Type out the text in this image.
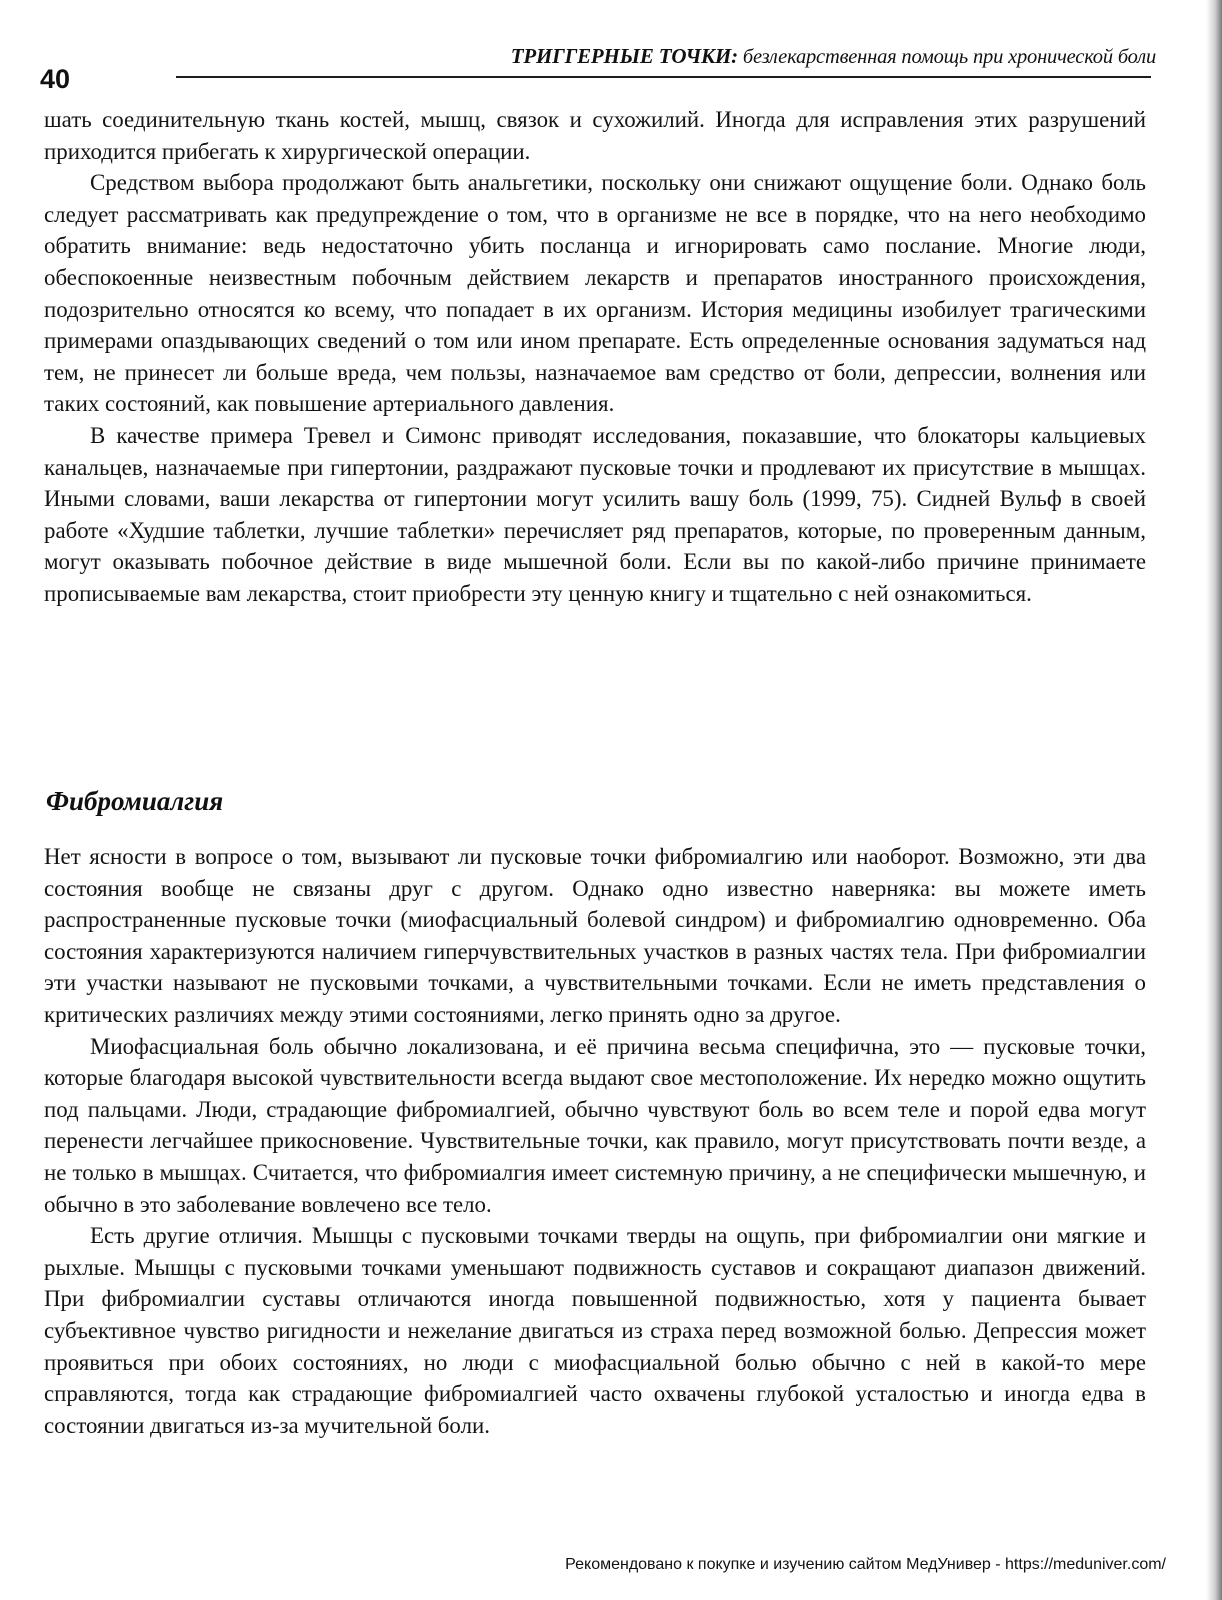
40
ТРИГГЕРНЫЕ ТОЧКИ: безлекарственная помощь при хронической боли

шать соединительную ткань костей, мышц, связок и сухожилий. Иногда для исправления этих разрушений приходится прибегать к хирургической операции.

Средством выбора продолжают быть анальгетики, поскольку они снижают ощущение боли. Однако боль следует рассматривать как предупреждение о том, что в организме не все в порядке, что на него необходимо обратить внимание: ведь недостаточно убить посланца и игнорировать само послание. Многие люди, обеспокоенные неизвестным побочным действием лекарств и препаратов иностранного происхождения, подозрительно относятся ко всему, что попадает в их организм. История медицины изобилует трагическими примерами опаздывающих сведений о том или ином препарате. Есть определенные основания задуматься над тем, не принесет ли больше вреда, чем пользы, назначаемое вам средство от боли, депрессии, волнения или таких состояний, как повышение артериального давления.

В качестве примера Тревел и Симонс приводят исследования, показавшие, что блокаторы кальциевых канальцев, назначаемые при гипертонии, раздражают пусковые точки и продлевают их присутствие в мышцах. Иными словами, ваши лекарства от гипертонии могут усилить вашу боль (1999, 75). Сидней Вульф в своей работе «Худшие таблетки, лучшие таблетки» перечисляет ряд препаратов, которые, по проверенным данным, могут оказывать побочное действие в виде мышечной боли. Если вы по какой-либо причине принимаете прописываемые вам лекарства, стоит приобрести эту ценную книгу и тщательно с ней ознакомиться.

Фибромиалгия

Нет ясности в вопросе о том, вызывают ли пусковые точки фибромиалгию или наоборот. Возможно, эти два состояния вообще не связаны друг с другом. Однако одно известно наверняка: вы можете иметь распространенные пусковые точки (миофасциальный болевой синдром) и фибромиалгию одновременно. Оба состояния характеризуются наличием гиперчувствительных участков в разных частях тела. При фибромиалгии эти участки называют не пусковыми точками, а чувствительными точками. Если не иметь представления о критических различиях между этими состояниями, легко принять одно за другое.

Миофасциальная боль обычно локализована, и её причина весьма специфична, это — пусковые точки, которые благодаря высокой чувствительности всегда выдают свое местоположение. Их нередко можно ощутить под пальцами. Люди, страдающие фибромиалгией, обычно чувствуют боль во всем теле и порой едва могут перенести легчайшее прикосновение. Чувствительные точки, как правило, могут присутствовать почти везде, а не только в мышцах. Считается, что фибромиалгия имеет системную причину, а не специфически мышечную, и обычно в это заболевание вовлечено все тело.

Есть другие отличия. Мышцы с пусковыми точками тверды на ощупь, при фибромиалгии они мягкие и рыхлые. Мышцы с пусковыми точками уменьшают подвижность суставов и сокращают диапазон движений. При фибромиалгии суставы отличаются иногда повышенной подвижностью, хотя у пациента бывает субъективное чувство ригидности и нежелание двигаться из страха перед возможной болью. Депрессия может проявиться при обоих состояниях, но люди с миофасциальной болью обычно с ней в какой-то мере справляются, тогда как страдающие фибромиалгией часто охвачены глубокой усталостью и иногда едва в состоянии двигаться из-за мучительной боли.

Рекомендовано к покупке и изучению сайтом МедУнивер - https://meduniver.com/
